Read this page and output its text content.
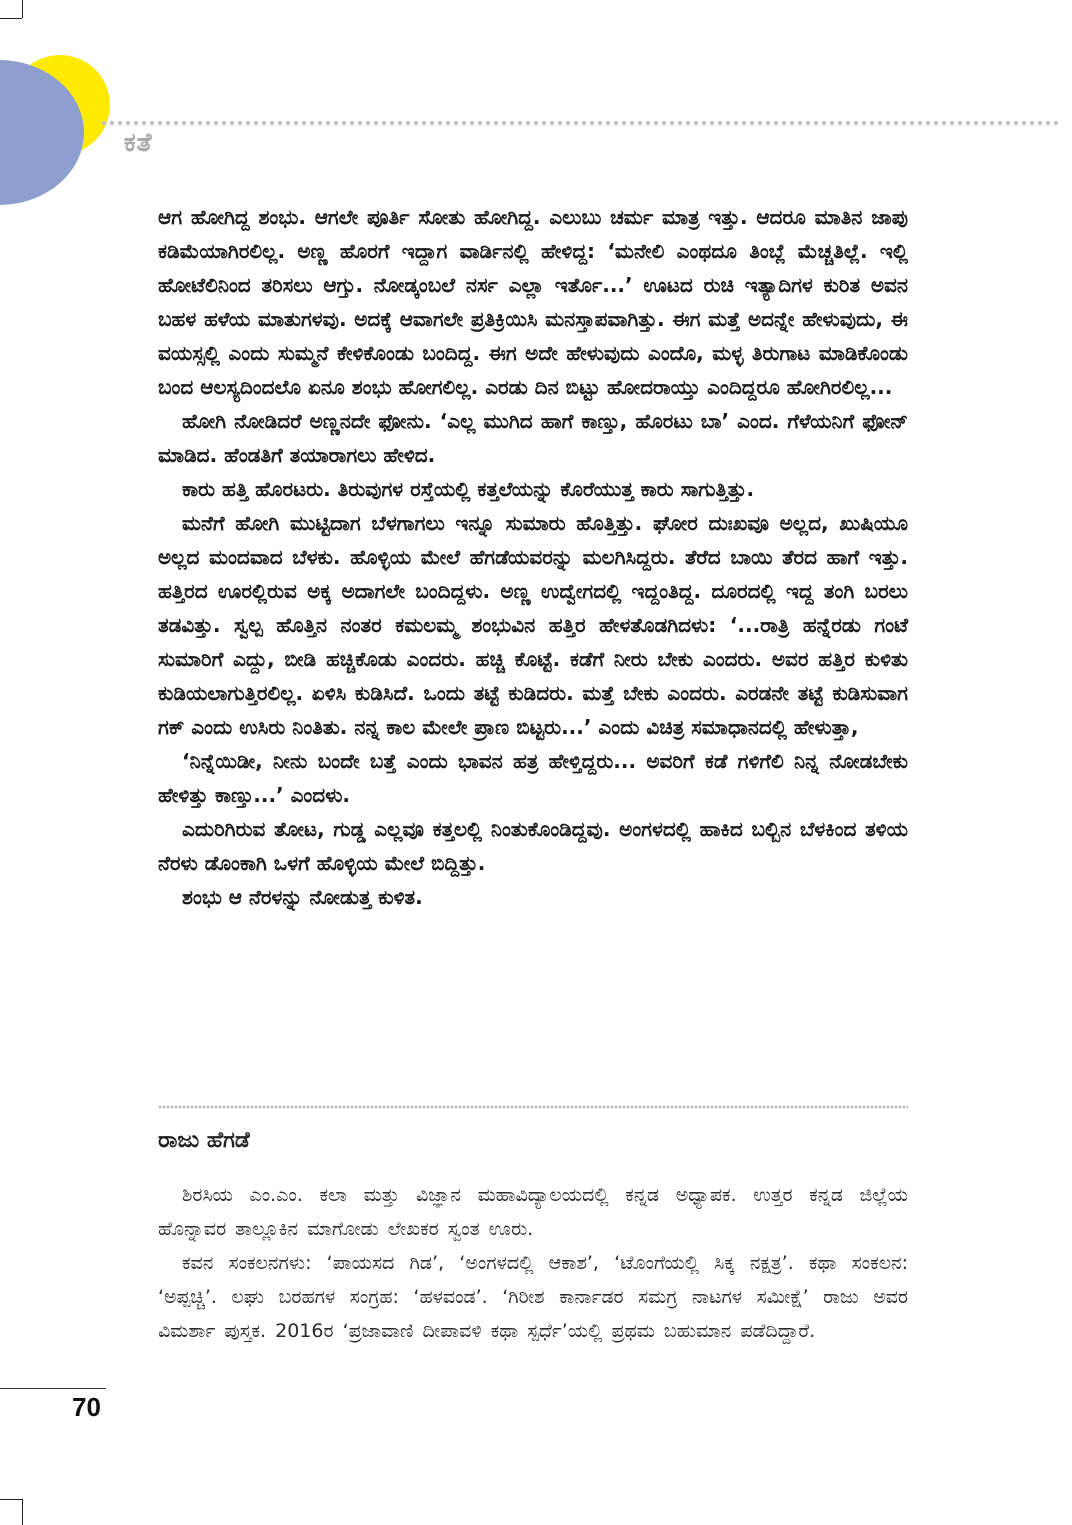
ಕತೆ

ಆಗ ಹೋಗಿದ್ದ ಶಂಭು. ಆಗಲೇ ಪೂರ್ತಿ ಸೋತು ಹೋಗಿದ್ದ. ಎಲುಬು ಚರ್ಮ ಮಾತ್ರ ಇತ್ತು. ಆದರೂ ಮಾತಿನ ಜಾಪು ಕಡಿಮೆಯಾಗಿರಲಿಲ್ಲ. ಅಣ್ಣ ಹೊರಗೆ ಇದ್ದಾಗ ವಾರ್ಡಿನಲ್ಲಿ ಹೇಳಿದ್ದ: ‘ಮನೇಲಿ ಎಂಥದೂ ತಿಂಬ್ಲೆ ಮೆಚ್ಚತಿಲ್ಲೆ. ಇಲ್ಲಿ ಹೋಟೆಲಿನಿಂದ ತರಿಸಲು ಆಗ್ತು. ನೋಡ್ಕಂಬಲೆ ನರ್ಸ ಎಲ್ಲಾ ಇರ್ತೊ...’ ಊಟದ ರುಚಿ ಇತ್ಯಾದಿಗಳ ಕುರಿತ ಅವನ ಬಹಳ ಹಳೆಯ ಮಾತುಗಳವು. ಅದಕ್ಕೆ ಆವಾಗಲೇ ಪ್ರತಿಕ್ರಿಯಿಸಿ ಮನಸ್ತಾಪವಾಗಿತ್ತು. ಈಗ ಮತ್ತೆ ಅದನ್ನೇ ಹೇಳುವುದು, ಈ ವಯಸ್ಸಲ್ಲಿ ಎಂದು ಸುಮ್ಮನೆ ಕೇಳಿಕೊಂಡು ಬಂದಿದ್ದ. ಈಗ ಅದೇ ಹೇಳುವುದು ಎಂದೊ, ಮಳ್ಳ ತಿರುಗಾಟ ಮಾಡಿಕೊಂಡು ಬಂದ ಆಲಸ್ಯದಿಂದಲೊ ಏನೂ ಶಂಭು ಹೋಗಲಿಲ್ಲ. ಎರಡು ದಿನ ಬಿಟ್ಟು ಹೋದರಾಯ್ತು ಎಂದಿದ್ದರೂ ಹೋಗಿರಲಿಲ್ಲ...

ಹೋಗಿ ನೋಡಿದರೆ ಅಣ್ಣನದೇ ಫೋನು. ‘ಎಲ್ಲ ಮುಗಿದ ಹಾಗೆ ಕಾಣ್ತು, ಹೊರಟು ಬಾ’ ಎಂದ. ಗೆಳೆಯನಿಗೆ ಫೋನ್ ಮಾಡಿದ. ಹೆಂಡತಿಗೆ ತಯಾರಾಗಲು ಹೇಳಿದ.

ಕಾರು ಹತ್ತಿ ಹೊರಟರು. ತಿರುವುಗಳ ರಸ್ತೆಯಲ್ಲಿ ಕತ್ತಲೆಯನ್ನು ಕೊರೆಯುತ್ತ ಕಾರು ಸಾಗುತ್ತಿತ್ತು.

ಮನೆಗೆ ಹೋಗಿ ಮುಟ್ಟಿದಾಗ ಬೆಳಗಾಗಲು ಇನ್ನೂ ಸುಮಾರು ಹೊತ್ತಿತ್ತು. ಘೋರ ದುಃಖವೂ ಅಲ್ಲದ, ಖುಷಿಯೂ ಅಲ್ಲದ ಮಂದವಾದ ಬೆಳಕು. ಹೊಳ್ಳಿಯ ಮೇಲೆ ಹೆಗಡೆಯವರನ್ನು ಮಲಗಿಸಿದ್ದರು. ತೆರೆದ ಬಾಯಿ ತೆರದ ಹಾಗೆ ಇತ್ತು. ಹತ್ತಿರದ ಊರಲ್ಲಿರುವ ಅಕ್ಕ ಅದಾಗಲೇ ಬಂದಿದ್ದಳು. ಅಣ್ಣ ಉದ್ವೇಗದಲ್ಲಿ ಇದ್ದಂತಿದ್ದ. ದೂರದಲ್ಲಿ ಇದ್ದ ತಂಗಿ ಬರಲು ತಡವಿತ್ತು. ಸ್ವಲ್ಪ ಹೊತ್ತಿನ ನಂತರ ಕಮಲಮ್ಮ ಶಂಭುವಿನ ಹತ್ತಿರ ಹೇಳತೊಡಗಿದಳು: ‘...ರಾತ್ರಿ ಹನ್ನೆರಡು ಗಂಟೆ ಸುಮಾರಿಗೆ ಎದ್ದು, ಬೀಡಿ ಹಚ್ಚಿಕೊಡು ಎಂದರು. ಹಚ್ಚಿ ಕೊಟ್ಟೆ. ಕಡೆಗೆ ನೀರು ಬೇಕು ಎಂದರು. ಅವರ ಹತ್ತಿರ ಕುಳಿತು ಕುಡಿಯಲಾಗುತ್ತಿರಲಿಲ್ಲ. ಏಳಿಸಿ ಕುಡಿಸಿದೆ. ಒಂದು ತಟ್ಟೆ ಕುಡಿದರು. ಮತ್ತೆ ಬೇಕು ಎಂದರು. ಎರಡನೇ ತಟ್ಟೆ ಕುಡಿಸುವಾಗ ಗಕ್ ಎಂದು ಉಸಿರು ನಿಂತಿತು. ನನ್ನ ಕಾಲ ಮೇಲೇ ಪ್ರಾಣ ಬಿಟ್ಟರು...’ ಎಂದು ವಿಚಿತ್ರ ಸಮಾಧಾನದಲ್ಲಿ ಹೇಳುತ್ತಾ,

‘ನಿನ್ನೆಯಿಡೀ, ನೀನು ಬಂದೇ ಬತ್ತೆ ಎಂದು ಭಾವನ ಹತ್ರ ಹೇಳ್ತಿದ್ದರು... ಅವರಿಗೆ ಕಡೆ ಗಳಿಗೆಲಿ ನಿನ್ನ ನೋಡಬೇಕು ಹೇಳಿತ್ತು ಕಾಣ್ತು...’ ಎಂದಳು.

ಎದುರಿಗಿರುವ ತೋಟ, ಗುಡ್ಡ ಎಲ್ಲವೂ ಕತ್ತಲಲ್ಲಿ ನಿಂತುಕೊಂಡಿದ್ದವು. ಅಂಗಳದಲ್ಲಿ ಹಾಕಿದ ಬಲ್ಬಿನ ಬೆಳಕಿಂದ ತಳಿಯ ನೆರಳು ಡೊಂಕಾಗಿ ಒಳಗೆ ಹೊಳ್ಳಿಯ ಮೇಲೆ ಬಿದ್ದಿತ್ತು.

ಶಂಭು ಆ ನೆರಳನ್ನು ನೋಡುತ್ತ ಕುಳಿತ.

ರಾಜು ಹೆಗಡೆ

ಶಿರಸಿಯ ಎಂ.ಎಂ. ಕಲಾ ಮತ್ತು ವಿಜ್ಞಾನ ಮಹಾವಿದ್ಯಾಲಯದಲ್ಲಿ ಕನ್ನಡ ಅಧ್ಯಾಪಕ. ಉತ್ತರ ಕನ್ನಡ ಜಿಲ್ಲೆಯ ಹೊನ್ನಾವರ ತಾಲ್ಲೂಕಿನ ಮಾಗೋಡು ಲೇಖಕರ ಸ್ವಂತ ಊರು.

ಕವನ ಸಂಕಲನಗಳು: ‘ಪಾಯಸದ ಗಿಡ’, ‘ಅಂಗಳದಲ್ಲಿ ಆಕಾಶ’, ‘ಟೊಂಗೆಯಲ್ಲಿ ಸಿಕ್ಕ ನಕ್ಷತ್ರ’. ಕಥಾ ಸಂಕಲನ: ‘ಅಪ್ಪಚ್ಚಿ’. ಲಘು ಬರಹಗಳ ಸಂಗ್ರಹ: ‘ಹಳವಂಡ’. ‘ಗಿರೀಶ ಕಾರ್ನಾಡರ ಸಮಗ್ರ ನಾಟಗಳ ಸಮೀಕ್ಷೆ’ ರಾಜು ಅವರ ವಿಮರ್ಶಾ ಪುಸ್ತಕ. 2016ರ ‘ಪ್ರಜಾವಾಣಿ ದೀಪಾವಳಿ ಕಥಾ ಸ್ಪರ್ಧೆ’ಯಲ್ಲಿ ಪ್ರಥಮ ಬಹುಮಾನ ಪಡೆದಿದ್ದಾರೆ.

70
